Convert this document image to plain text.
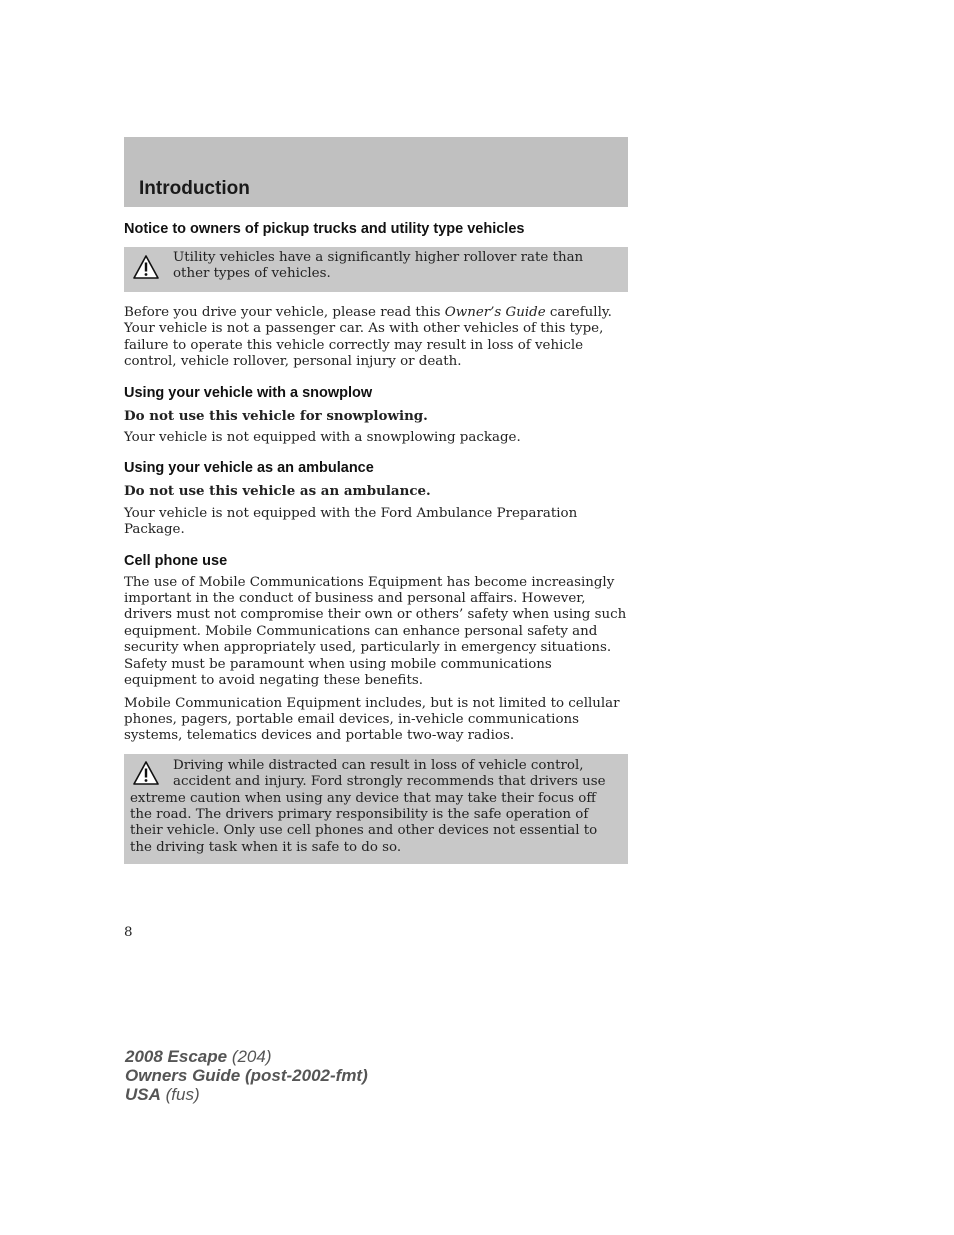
Introduction
Notice to owners of pickup trucks and utility type vehicles

Utility vehicles have a significantly higher rollover rate than other types of vehicles.

Before you drive your vehicle, please read this Owner’s Guide carefully. Your vehicle is not a passenger car. As with other vehicles of this type, failure to operate this vehicle correctly may result in loss of vehicle control, vehicle rollover, personal injury or death.

Using your vehicle with a snowplow

Do not use this vehicle for snowplowing.

Your vehicle is not equipped with a snowplowing package.

Using your vehicle as an ambulance

Do not use this vehicle as an ambulance.

Your vehicle is not equipped with the Ford Ambulance Preparation Package.

Cell phone use

The use of Mobile Communications Equipment has become increasingly important in the conduct of business and personal affairs. However, drivers must not compromise their own or others’ safety when using such equipment. Mobile Communications can enhance personal safety and security when appropriately used, particularly in emergency situations. Safety must be paramount when using mobile communications equipment to avoid negating these benefits.

Mobile Communication Equipment includes, but is not limited to cellular phones, pagers, portable email devices, in-vehicle communications systems, telematics devices and portable two-way radios.

Driving while distracted can result in loss of vehicle control,

accident and injury. Ford strongly recommends that drivers use

extreme caution when using any device that may take their focus off the road. The drivers primary responsibility is the safe operation of their vehicle. Only use cell phones and other devices not essential to the driving task when it is safe to do so.

8
2008 Escape (204)
Owners Guide (post-2002-fmt)
USA (fus)
